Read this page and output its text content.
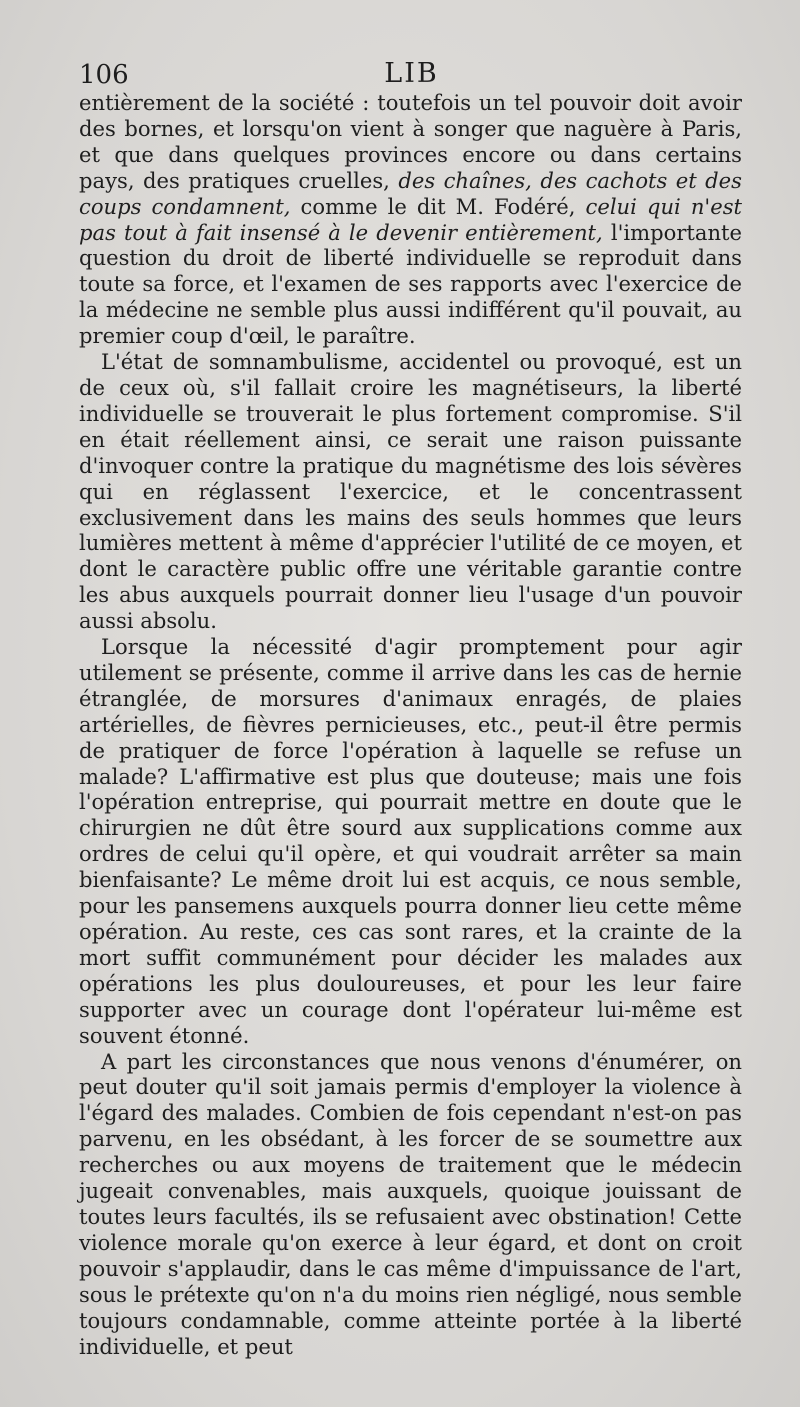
106	LIB

entièrement de la société : toutefois un tel pouvoir doit avoir des bornes, et lorsqu'on vient à songer que naguère à Paris, et que dans quelques provinces encore ou dans certains pays, des pratiques cruelles, des chaînes, des cachots et des coups condamnent, comme le dit M. Fodéré, celui qui n'est pas tout à fait insensé à le devenir entièrement, l'importante question du droit de liberté individuelle se reproduit dans toute sa force, et l'examen de ses rapports avec l'exercice de la médecine ne semble plus aussi indifférent qu'il pouvait, au premier coup d'œil, le paraître.

L'état de somnambulisme, accidentel ou provoqué, est un de ceux où, s'il fallait croire les magnétiseurs, la liberté individuelle se trouverait le plus fortement compromise. S'il en était réellement ainsi, ce serait une raison puissante d'invoquer contre la pratique du magnétisme des lois sévères qui en réglassent l'exercice, et le concentrassent exclusivement dans les mains des seuls hommes que leurs lumières mettent à même d'apprécier l'utilité de ce moyen, et dont le caractère public offre une véritable garantie contre les abus auxquels pourrait donner lieu l'usage d'un pouvoir aussi absolu.

Lorsque la nécessité d'agir promptement pour agir utilement se présente, comme il arrive dans les cas de hernie étranglée, de morsures d'animaux enragés, de plaies artérielles, de fièvres pernicieuses, etc., peut-il être permis de pratiquer de force l'opération à laquelle se refuse un malade? L'affirmative est plus que douteuse; mais une fois l'opération entreprise, qui pourrait mettre en doute que le chirurgien ne dût être sourd aux supplications comme aux ordres de celui qu'il opère, et qui voudrait arrêter sa main bienfaisante? Le même droit lui est acquis, ce nous semble, pour les pansemens auxquels pourra donner lieu cette même opération. Au reste, ces cas sont rares, et la crainte de la mort suffit communément pour décider les malades aux opérations les plus douloureuses, et pour les leur faire supporter avec un courage dont l'opérateur lui-même est souvent étonné.

A part les circonstances que nous venons d'énumérer, on peut douter qu'il soit jamais permis d'employer la violence à l'égard des malades. Combien de fois cependant n'est-on pas parvenu, en les obsédant, à les forcer de se soumettre aux recherches ou aux moyens de traitement que le médecin jugeait convenables, mais auxquels, quoique jouissant de toutes leurs facultés, ils se refusaient avec obstination! Cette violence morale qu'on exerce à leur égard, et dont on croit pouvoir s'applaudir, dans le cas même d'impuissance de l'art, sous le prétexte qu'on n'a du moins rien négligé, nous semble toujours condamnable, comme atteinte portée à la liberté individuelle, et peut
